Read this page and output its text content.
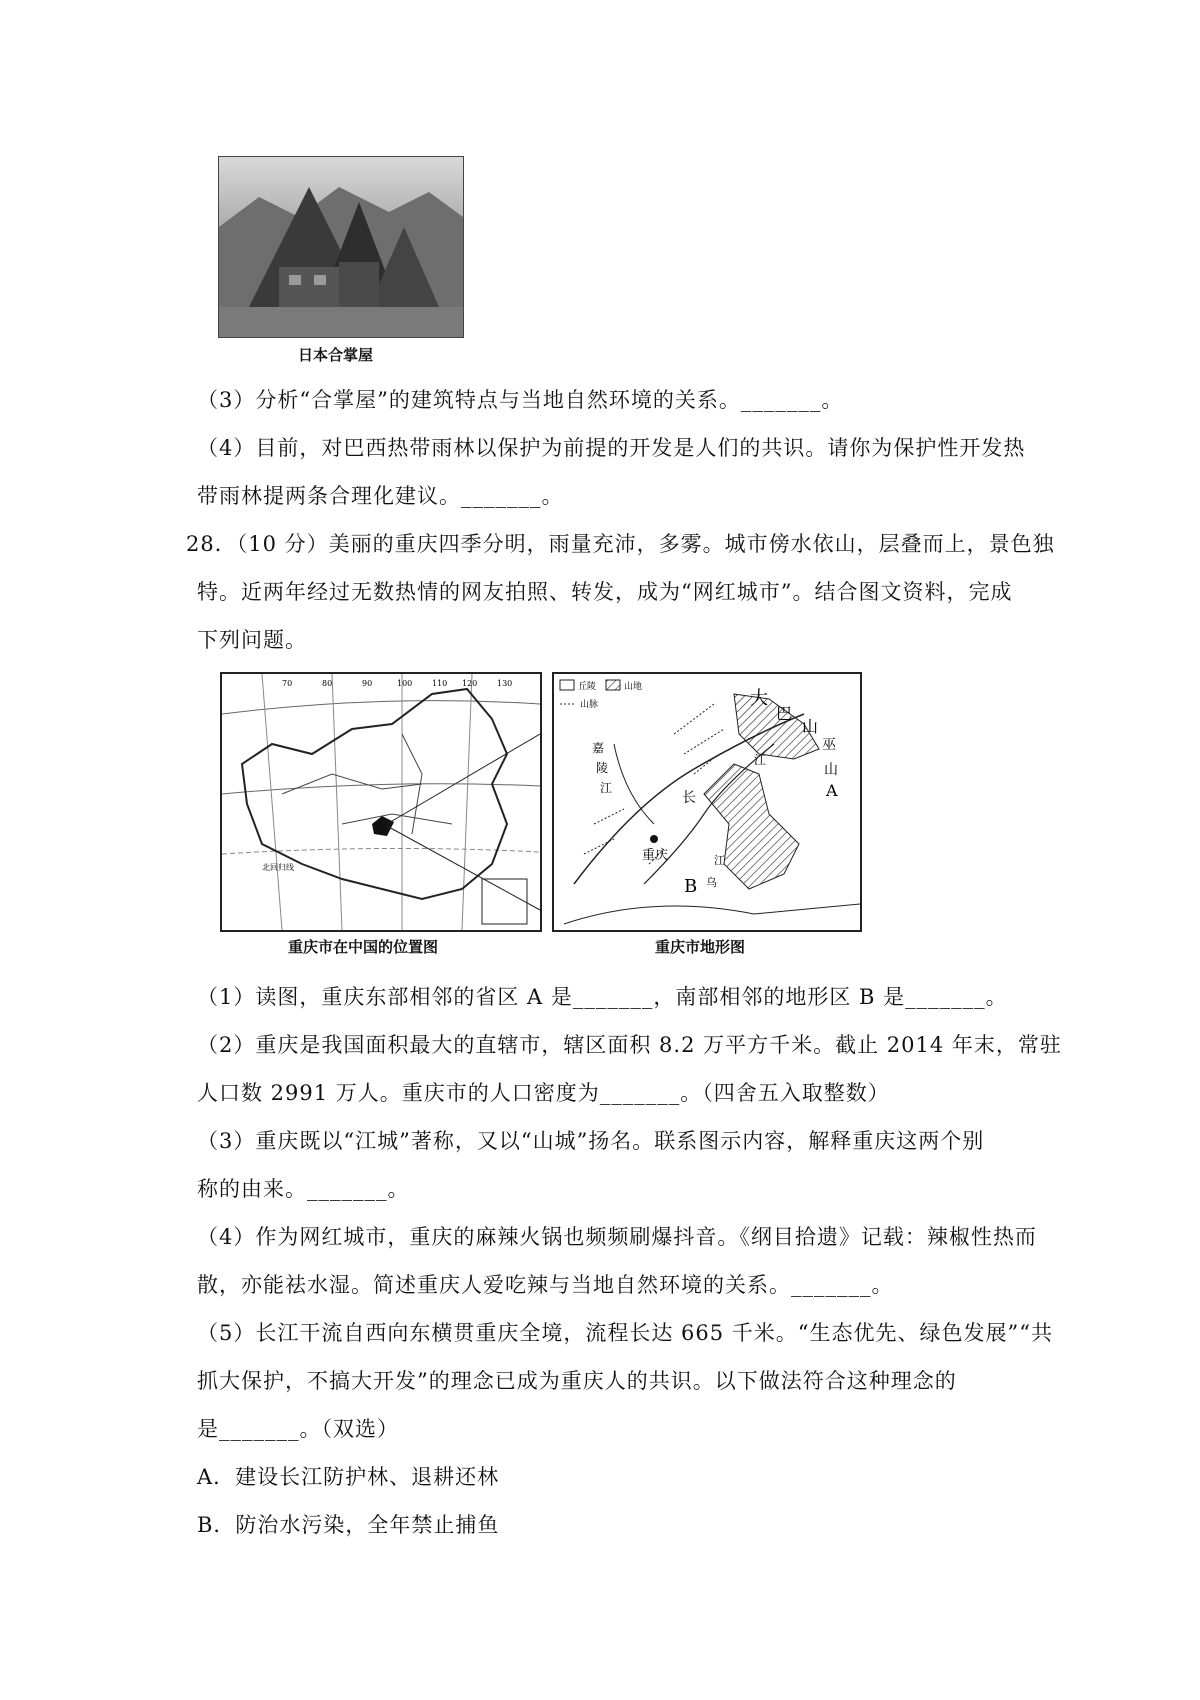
日本合掌屋
（3）分析“合掌屋”的建筑特点与当地自然环境的关系。_______。
（4）目前，对巴西热带雨林以保护为前提的开发是人们的共识。请你为保护性开发热
带雨林提两条合理化建议。_______。
28．（10 分）美丽的重庆四季分明，雨量充沛，多雾。城市傍水依山，层叠而上，景色独
特。近两年经过无数热情的网友拍照、转发，成为“网红城市”。结合图文资料，完成
下列问题。
70	80	90	100 110 120 130
北回归线
重庆市在中国的位置图
丘陵	山地
山脉	大
巴
山
巫
山
A
江
嘉
陵
江
长
重庆
B 乌
江
重庆市地形图
（1）读图，重庆东部相邻的省区 A 是_______，南部相邻的地形区 B 是_______。
（2）重庆是我国面积最大的直辖市，辖区面积 8.2 万平方千米。截止 2014 年末，常驻
人口数 2991 万人。重庆市的人口密度为_______。（四舍五入取整数）
（3）重庆既以“江城”著称，又以“山城”扬名。联系图示内容，解释重庆这两个别
称的由来。_______。
（4）作为网红城市，重庆的麻辣火锅也频频刷爆抖音。《纲目拾遗》记载：辣椒性热而
散，亦能祛水湿。简述重庆人爱吃辣与当地自然环境的关系。_______。
（5）长江干流自西向东横贯重庆全境，流程长达 665 千米。“生态优先、绿色发展”“共
抓大保护，不搞大开发”的理念已成为重庆人的共识。以下做法符合这种理念的
是_______。（双选）
A．建设长江防护林、退耕还林
B．防治水污染，全年禁止捕鱼
